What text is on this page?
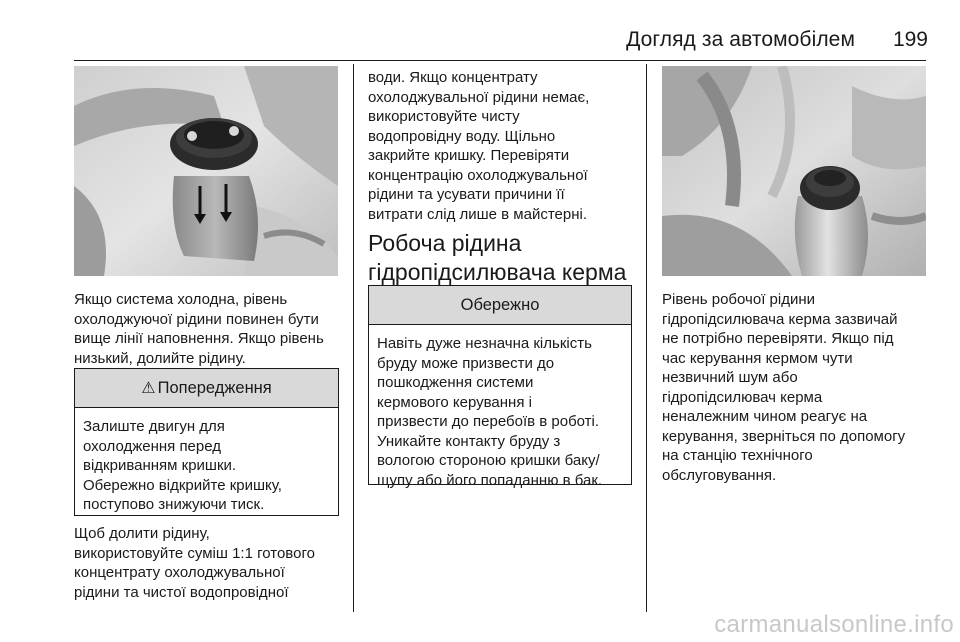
Догляд за автомобілем	199
Якщо система холодна, рівень
охолоджуючої рідини повинен бути
вище лінії наповнення. Якщо рівень
низький, долийте рідину.
⚠ Попередження
Залиште двигун для
охолодження перед
відкриванням кришки.
Обережно відкрийте кришку,
поступово знижуючи тиск.
Щоб долити рідину,
використовуйте суміш 1:1 готового
концентрату охолоджувальної
рідини та чистої водопровідної
води. Якщо концентрату
охолоджувальної рідини немає,
використовуйте чисту
водопровідну воду. Щільно
закрийте кришку. Перевіряти
концентрацію охолоджувальної
рідини та усувати причини її
витрати слід лише в майстерні.
Робоча рідина
гідропідсилювача керма
Обережно
Навіть дуже незначна кількість
бруду може призвести до
пошкодження системи
кермового керування і
призвести до перебоїв в роботі.
Уникайте контакту бруду з
вологою стороною кришки баку/
щупу або його попаданню в бак.
Рівень робочої рідини
гідропідсилювача керма зазвичай
не потрібно перевіряти. Якщо під
час керування кермом чути
незвичний шум або
гідропідсилювач керма
неналежним чином реагує на
керування, зверніться по допомогу
на станцію технічного
обслуговування.
carmanualsonline.info
